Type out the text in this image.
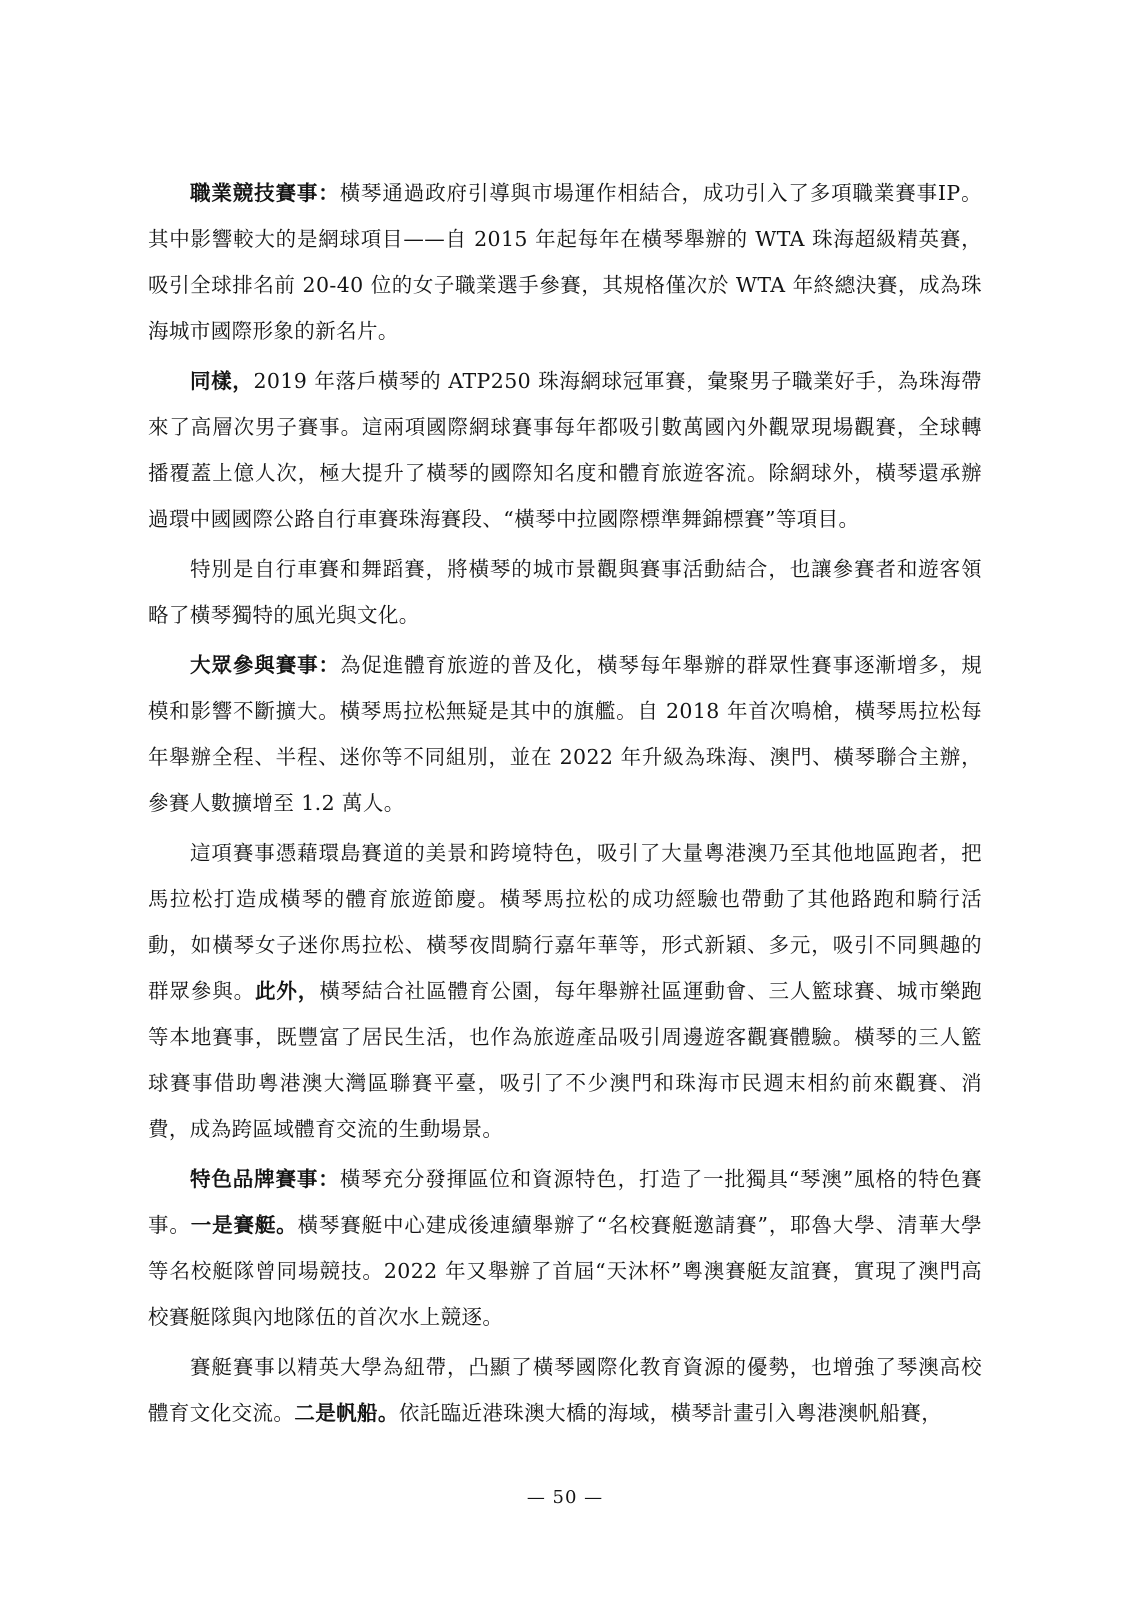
職業競技賽事：橫琴通過政府引導與市場運作相結合，成功引入了多項職業賽事IP。其中影響較大的是網球項目——自 2015 年起每年在橫琴舉辦的 WTA 珠海超級精英賽，吸引全球排名前 20-40 位的女子職業選手參賽，其規格僅次於 WTA 年終總決賽，成為珠海城市國際形象的新名片。

同樣，2019 年落戶橫琴的 ATP250 珠海網球冠軍賽，彙聚男子職業好手，為珠海帶來了高層次男子賽事。這兩項國際網球賽事每年都吸引數萬國內外觀眾現場觀賽，全球轉播覆蓋上億人次，極大提升了橫琴的國際知名度和體育旅遊客流。除網球外，橫琴還承辦過環中國國際公路自行車賽珠海賽段、“橫琴中拉國際標準舞錦標賽”等項目。

特別是自行車賽和舞蹈賽，將橫琴的城市景觀與賽事活動結合，也讓參賽者和遊客領略了橫琴獨特的風光與文化。

大眾參與賽事：為促進體育旅遊的普及化，橫琴每年舉辦的群眾性賽事逐漸增多，規模和影響不斷擴大。橫琴馬拉松無疑是其中的旗艦。自 2018 年首次鳴槍，橫琴馬拉松每年舉辦全程、半程、迷你等不同組別，並在 2022 年升級為珠海、澳門、橫琴聯合主辦，參賽人數擴增至 1.2 萬人。

這項賽事憑藉環島賽道的美景和跨境特色，吸引了大量粵港澳乃至其他地區跑者，把馬拉松打造成橫琴的體育旅遊節慶。橫琴馬拉松的成功經驗也帶動了其他路跑和騎行活動，如橫琴女子迷你馬拉松、橫琴夜間騎行嘉年華等，形式新穎、多元，吸引不同興趣的群眾參與。此外，橫琴結合社區體育公園，每年舉辦社區運動會、三人籃球賽、城市樂跑等本地賽事，既豐富了居民生活，也作為旅遊產品吸引周邊遊客觀賽體驗。橫琴的三人籃球賽事借助粵港澳大灣區聯賽平臺，吸引了不少澳門和珠海市民週末相約前來觀賽、消費，成為跨區域體育交流的生動場景。

特色品牌賽事：橫琴充分發揮區位和資源特色，打造了一批獨具“琴澳”風格的特色賽事。一是賽艇。橫琴賽艇中心建成後連續舉辦了“名校賽艇邀請賽”，耶魯大學、清華大學等名校艇隊曾同場競技。2022 年又舉辦了首屆“天沐杯”粵澳賽艇友誼賽，實現了澳門高校賽艇隊與內地隊伍的首次水上競逐。

賽艇賽事以精英大學為紐帶，凸顯了橫琴國際化教育資源的優勢，也增強了琴澳高校體育文化交流。二是帆船。依託臨近港珠澳大橋的海域，橫琴計畫引入粵港澳帆船賽，

— 50 —
